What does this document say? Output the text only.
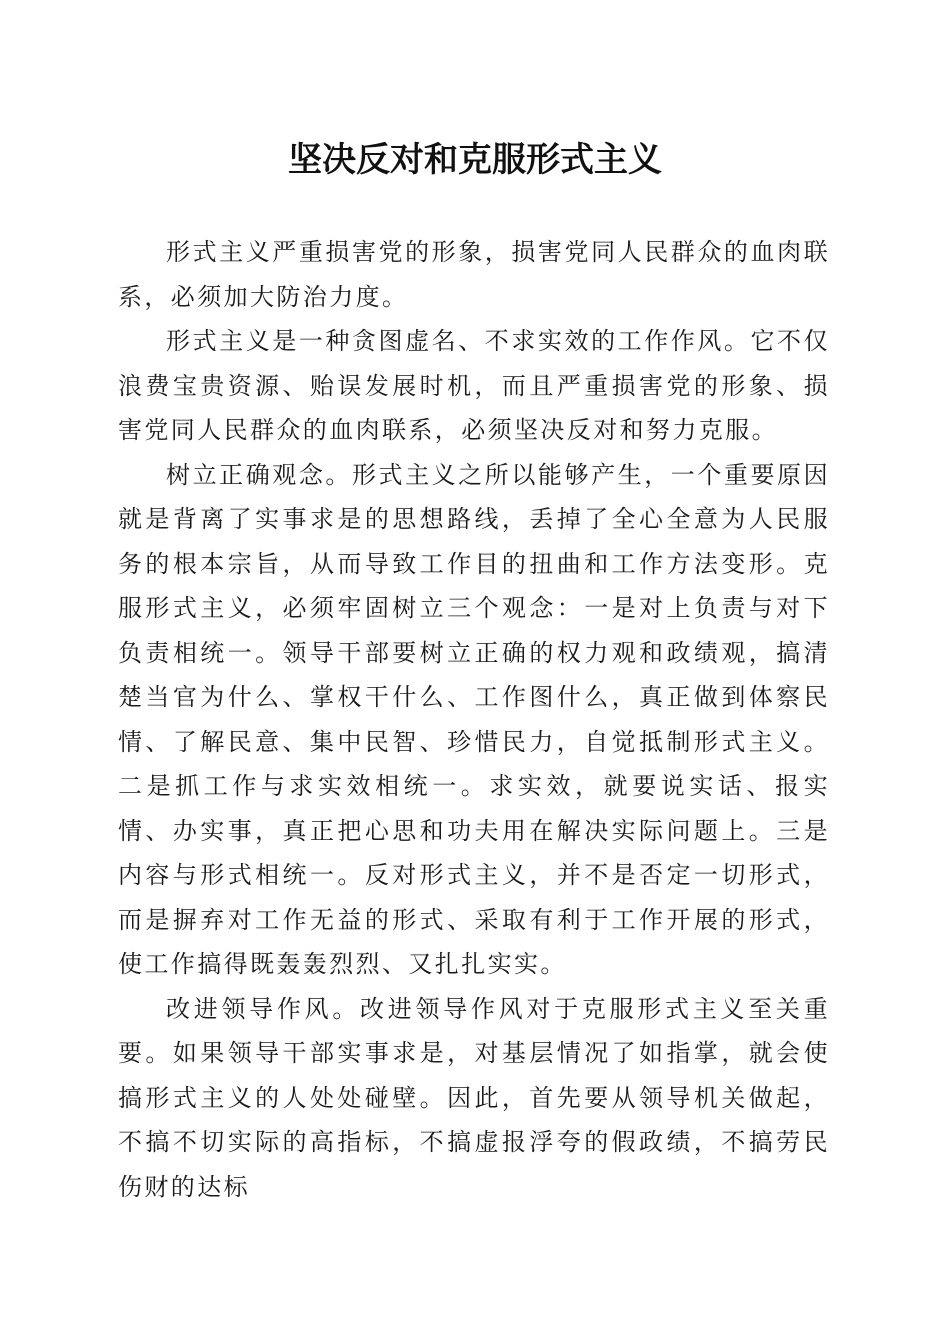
坚决反对和克服形式主义

形式主义严重损害党的形象，损害党同人民群众的血肉联系，必须加大防治力度。

形式主义是一种贪图虚名、不求实效的工作作风。它不仅浪费宝贵资源、贻误发展时机，而且严重损害党的形象、损害党同人民群众的血肉联系，必须坚决反对和努力克服。

树立正确观念。形式主义之所以能够产生，一个重要原因就是背离了实事求是的思想路线，丢掉了全心全意为人民服务的根本宗旨，从而导致工作目的扭曲和工作方法变形。克服形式主义，必须牢固树立三个观念：一是对上负责与对下负责相统一。领导干部要树立正确的权力观和政绩观，搞清楚当官为什么、掌权干什么、工作图什么，真正做到体察民情、了解民意、集中民智、珍惜民力，自觉抵制形式主义。二是抓工作与求实效相统一。求实效，就要说实话、报实情、办实事，真正把心思和功夫用在解决实际问题上。三是内容与形式相统一。反对形式主义，并不是否定一切形式，而是摒弃对工作无益的形式、采取有利于工作开展的形式，使工作搞得既轰轰烈烈、又扎扎实实。

改进领导作风。改进领导作风对于克服形式主义至关重要。如果领导干部实事求是，对基层情况了如指掌，就会使搞形式主义的人处处碰壁。因此，首先要从领导机关做起，不搞不切实际的高指标，不搞虚报浮夸的假政绩，不搞劳民伤财的达标
